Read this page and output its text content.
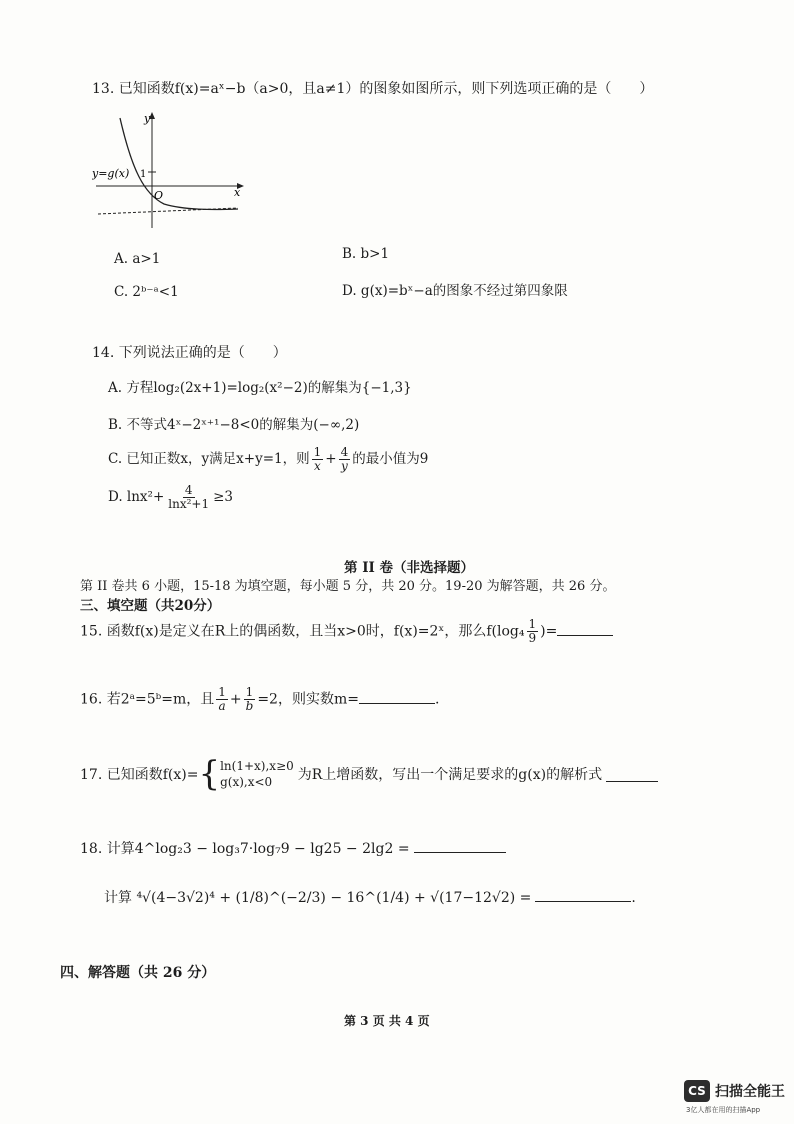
13. 已知函数f(x)=aˣ−b（a>0，且a≠1）的图象如图所示，则下列选项正确的是（　　）
y
x
O
1
y=g(x)
A. a>1	B. b>1
C. 2ᵇ⁻ᵃ<1	D. g(x)=bˣ−a的图象不经过第四象限
14. 下列说法正确的是（　　）
A. 方程log₂(2x+1)=log₂(x²−2)的解集为{−1,3}
B. 不等式4ˣ−2ˣ⁺¹−8<0的解集为(−∞,2)
C. 已知正数x，y满足x+y=1，则 $\frac{1}{x} + \frac{4}{y}$ 的最小值为9
D. $\ln x^2+ \frac{4}{\text{lnx²+1}} \ge 3$
第 II 卷（非选择题）
第 II 卷共 6 小题，15-18 为填空题，每小题 5 分，共 20 分。19-20 为解答题，共 26 分。
三、填空题（共20分）
15. 函数f(x)是定义在R上的偶函数，且当x>0时，f(x)=2ˣ，那么$f(\log_4 \frac{1}{9}$ )=
16. 若2ᵃ=5ᵇ=m，且 $\frac{1}{a} + \frac{1}{b} =2$，则实数m=	.
17. 已知函数f(x)= { ln(1+x),x≥0
g(x),x<0	为R上增函数，写出一个满足要求的g(x)的解析式
18. 计算4^log₂3 − log₃7·log₇9 − lg25 − 2lg2 =
计算 ⁴√(4−3√2)⁴ + (1/8)^(−2/3) − 16^(1/4) + √(17−12√2) =	.
四、解答题（共 26 分）
第 3 页 共 4 页
CS 扫描全能王
3亿人都在用的扫描App
